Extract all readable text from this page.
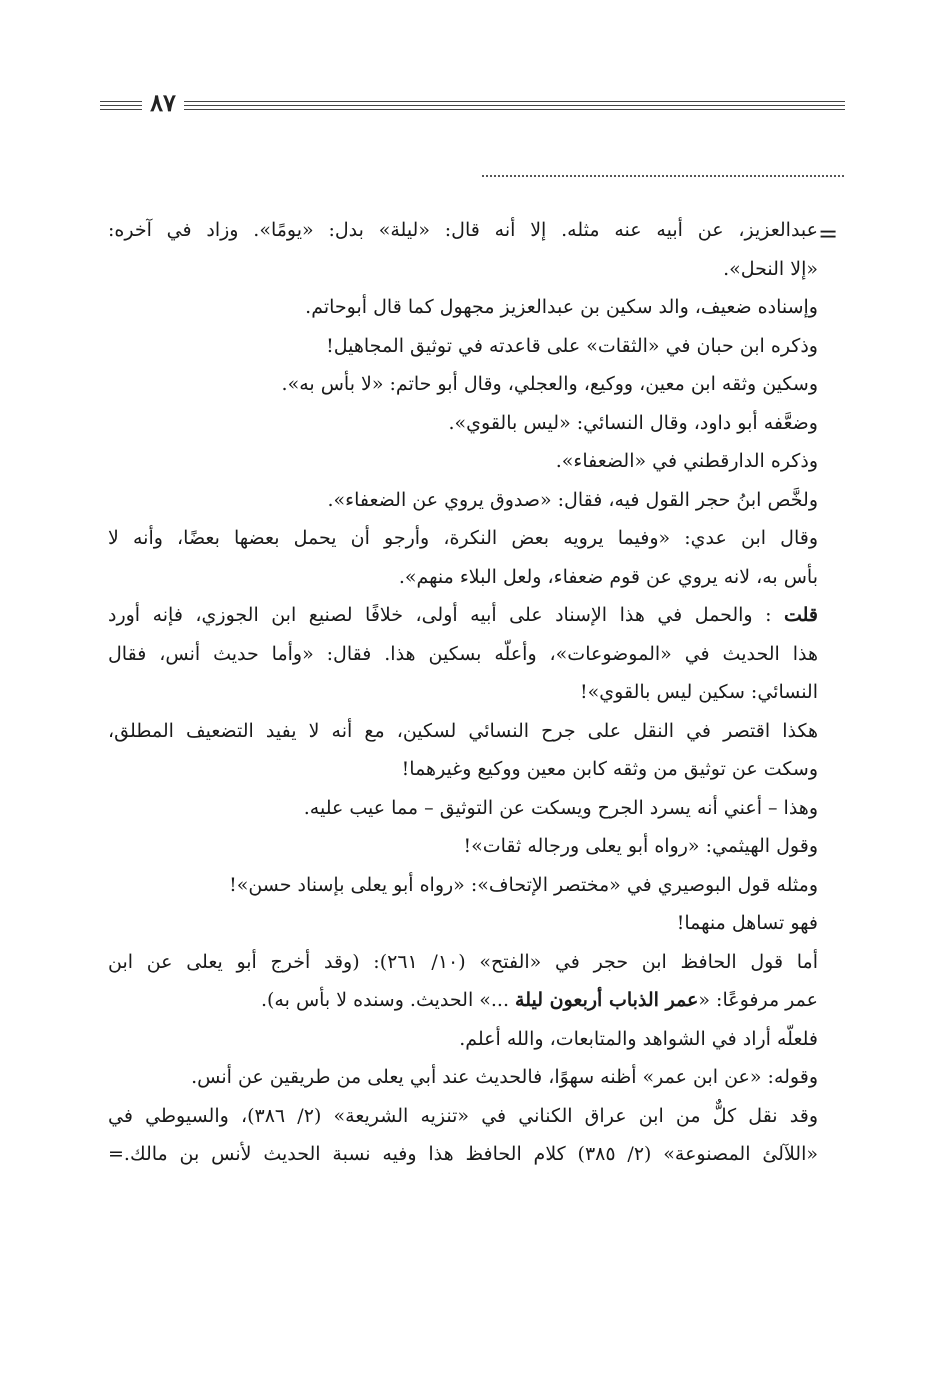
٨٧
=
عبدالعزيز، عن أبيه عنه مثله. إلا أنه قال: «ليلة» بدل: «يومًا». وزاد في آخره:
«إلا النحل».
وإسناده ضعيف، والد سكين بن عبدالعزيز مجهول كما قال أبوحاتم.
وذكره ابن حبان في «الثقات» على قاعدته في توثيق المجاهيل!
وسكين وثقه ابن معين، ووكيع، والعجلي، وقال أبو حاتم: «لا بأس به».
وضعَّفه أبو داود، وقال النسائي: «ليس بالقوي».
وذكره الدارقطني في «الضعفاء».
ولخَّص ابنُ حجر القول فيه، فقال: «صدوق يروي عن الضعفاء».
وقال ابن عدي: «وفيما يرويه بعض النكرة، وأرجو أن يحمل بعضها بعضًا، وأنه لا
بأس به، لانه يروي عن قوم ضعفاء، ولعل البلاء منهم».
قلت : والحمل في هذا الإسناد على أبيه أولى، خلافًا لصنيع ابن الجوزي، فإنه أورد
هذا الحديث في «الموضوعات»، وأعلّه بسكين هذا. فقال: «وأما حديث أنس، فقال
النسائي: سكين ليس بالقوي»!
هكذا اقتصر في النقل على جرح النسائي لسكين، مع أنه لا يفيد التضعيف المطلق،
وسكت عن توثيق من وثقه كابن معين ووكيع وغيرهما!
وهذا – أعني أنه يسرد الجرح ويسكت عن التوثيق – مما عيب عليه.
وقول الهيثمي: «رواه أبو يعلى ورجاله ثقات»!
ومثله قول البوصيري في «مختصر الإتحاف»: «رواه أبو يعلى بإسناد حسن»!
فهو تساهل منهما!
أما قول الحافظ ابن حجر في «الفتح» (١٠/ ٢٦١): (وقد أخرج أبو يعلى عن ابن
عمر مرفوعًا: «عمر الذباب أربعون ليلة ...» الحديث. وسنده لا بأس به).
فلعلّه أراد في الشواهد والمتابعات، والله أعلم.
وقوله: «عن ابن عمر» أظنه سهوًا، فالحديث عند أبي يعلى من طريقين عن أنس.
وقد نقل كلٌّ من ابن عراق الكناني في «تنزيه الشريعة» (٢/ ٣٨٦)، والسيوطي في
«اللآلئ المصنوعة» (٢/ ٣٨٥) كلام الحافظ هذا وفيه نسبة الحديث لأنس بن مالك.=
